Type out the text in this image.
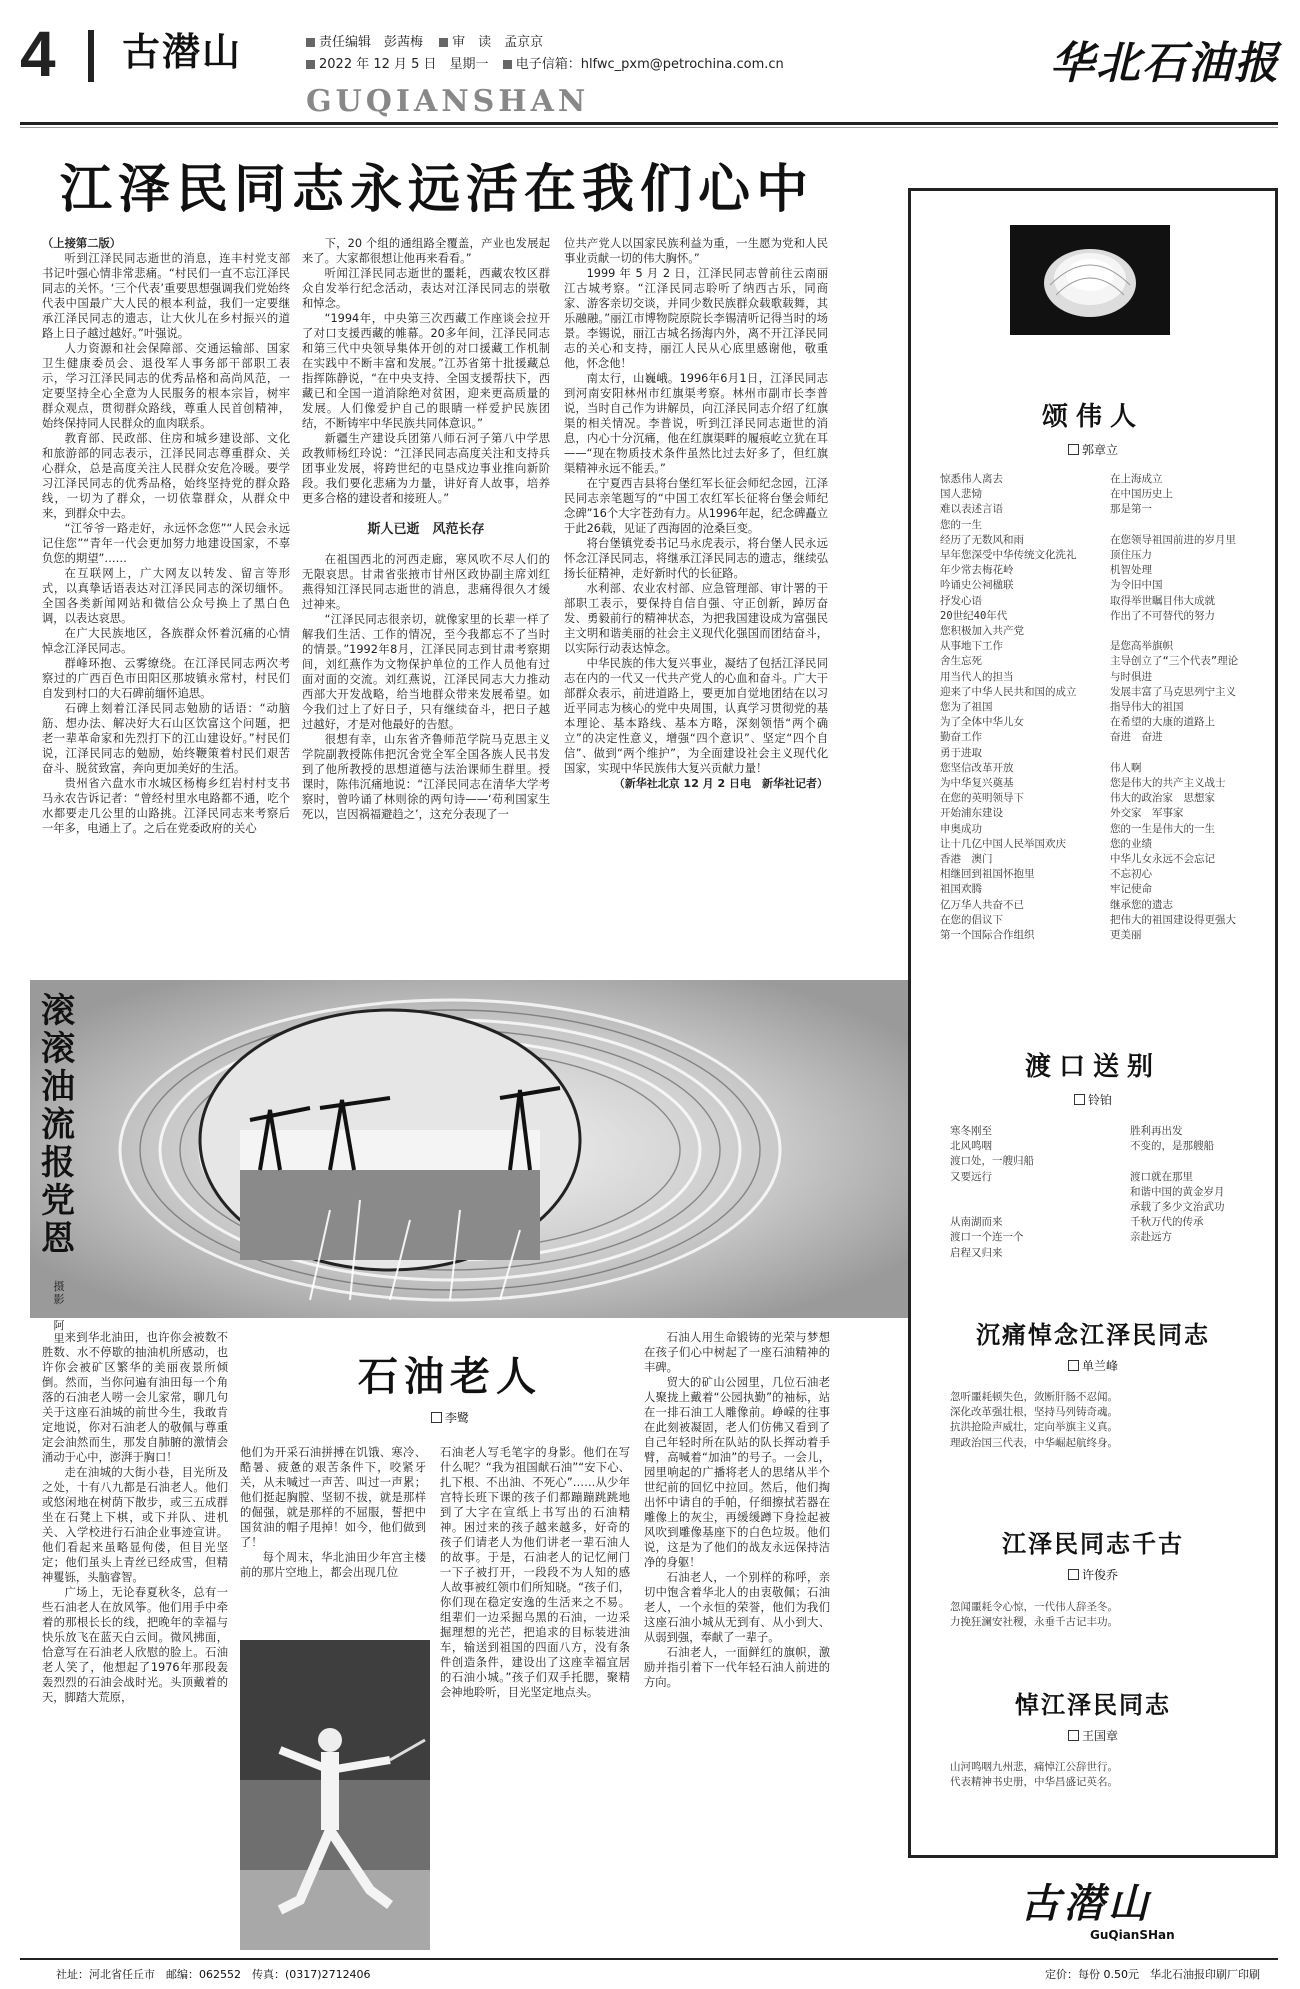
4 古潜山	责任编辑　彭茜梅 审　读　孟京京
2022 年 12 月 5 日　星期一 电子信箱：hlfwc_pxm@petrochina.com.cn
GUQIANSHAN
华北石油报
江泽民同志永远活在我们心中

（上接第二版）

听到江泽民同志逝世的消息，连丰村党支部书记叶强心情非常悲痛。“村民们一直不忘江泽民同志的关怀。‘三个代表’重要思想强调我们党始终代表中国最广大人民的根本利益，我们一定要继承江泽民同志的遗志，让大伙儿在乡村振兴的道路上日子越过越好。”叶强说。

人力资源和社会保障部、交通运输部、国家卫生健康委员会、退役军人事务部干部职工表示，学习江泽民同志的优秀品格和高尚风范，一定要坚持全心全意为人民服务的根本宗旨，树牢群众观点，贯彻群众路线，尊重人民首创精神，始终保持同人民群众的血肉联系。

教育部、民政部、住房和城乡建设部、文化和旅游部的同志表示，江泽民同志尊重群众、关心群众，总是高度关注人民群众安危冷暖。要学习江泽民同志的优秀品格，始终坚持党的群众路线，一切为了群众，一切依靠群众，从群众中来，到群众中去。

“江爷爷一路走好，永远怀念您”“人民会永远记住您”“青年一代会更加努力地建设国家，不辜负您的期望”……

在互联网上，广大网友以转发、留言等形式，以真挚话语表达对江泽民同志的深切缅怀。全国各类新闻网站和微信公众号换上了黑白色调，以表达哀思。

在广大民族地区，各族群众怀着沉痛的心情悼念江泽民同志。

群峰环抱、云雾缭绕。在江泽民同志两次考察过的广西百色市田阳区那坡镇永常村，村民们自发到村口的大石碑前缅怀追思。

石碑上刻着江泽民同志勉励的话语：“动脑筋、想办法、解决好大石山区饮富这个问题，把老一辈革命家和先烈打下的江山建设好。”村民们说，江泽民同志的勉励，始终鞭策着村民们艰苦奋斗、脱贫致富，奔向更加美好的生活。

贵州省六盘水市水城区杨梅乡红岩村村支书马永农告诉记者：“曾经村里水电路都不通，吃个水都要走几公里的山路挑。江泽民同志来考察后一年多，电通上了。之后在党委政府的关心

下，20 个组的通组路全覆盖，产业也发展起来了。大家都很想让他再来看看。”

听闻江泽民同志逝世的噩耗，西藏农牧区群众自发举行纪念活动，表达对江泽民同志的崇敬和悼念。

“1994年，中央第三次西藏工作座谈会拉开了对口支援西藏的帷幕。20多年间，江泽民同志和第三代中央领导集体开创的对口援藏工作机制在实践中不断丰富和发展。”江苏省第十批援藏总指挥陈静说，“在中央支持、全国支援帮扶下，西藏已和全国一道消除绝对贫困，迎来更高质量的发展。人们像爱护自己的眼睛一样爱护民族团结，不断铸牢中华民族共同体意识。”

新疆生产建设兵团第八师石河子第八中学思政教师杨红玲说：“江泽民同志高度关注和支持兵团事业发展，将跨世纪的屯垦戍边事业推向新阶段。我们要化悲痛为力量，讲好育人故事，培养更多合格的建设者和接班人。”

斯人已逝　风范长存

在祖国西北的河西走廊，寒风吹不尽人们的无限哀思。甘肃省张掖市甘州区政协副主席刘红燕得知江泽民同志逝世的消息，悲痛得很久才缓过神来。

“江泽民同志很亲切，就像家里的长辈一样了解我们生活、工作的情况，至今我都忘不了当时的情景。”1992年8月，江泽民同志到甘肃考察期间，刘红燕作为文物保护单位的工作人员他有过面对面的交流。刘红燕说，江泽民同志大力推动西部大开发战略，给当地群众带来发展希望。如今我们过上了好日子，只有继续奋斗，把日子越过越好，才是对他最好的告慰。

很想有幸，山东省齐鲁师范学院马克思主义学院副教授陈伟把沉舍党全军全国各族人民书发到了他所教授的思想道德与法治课师生群里。授课时，陈伟沉痛地说：“江泽民同志在清华大学考察时，曾吟诵了林则徐的两句诗——‘苟利国家生死以，岂因祸福避趋之’，这充分表现了一

位共产党人以国家民族利益为重，一生愿为党和人民事业贡献一切的伟大胸怀。”

1999 年 5 月 2 日，江泽民同志曾前往云南丽江古城考察。“江泽民同志聆听了纳西古乐，同商家、游客亲切交谈，并同少数民族群众载歌载舞，其乐融融。”丽江市博物院原院长李锡清听记得当时的场景。李锡说，丽江古城名扬海内外，离不开江泽民同志的关心和支持，丽江人民从心底里感谢他，敬重他，怀念他！

南太行，山巍峨。1996年6月1日，江泽民同志到河南安阳林州市红旗渠考察。林州市副市长李普说，当时自己作为讲解员，向江泽民同志介绍了红旗渠的相关情况。李普说，听到江泽民同志逝世的消息，内心十分沉痛，他在红旗渠畔的履痕屹立犹在耳——“现在物质技术条件虽然比过去好多了，但红旗渠精神永远不能丢。”

在宁夏西吉县将台堡红军长征会师纪念园，江泽民同志亲笔题写的“中国工农红军长征将台堡会师纪念碑”16个大字苍劲有力。从1996年起，纪念碑矗立于此26载，见证了西海固的沧桑巨变。

将台堡镇党委书记马永虎表示，将台堡人民永远怀念江泽民同志，将继承江泽民同志的遗志，继续弘扬长征精神，走好新时代的长征路。

水利部、农业农村部、应急管理部、审计署的干部职工表示，要保持自信自强、守正创新，踔厉奋发、勇毅前行的精神状态，为把我国建设成为富强民主文明和谐美丽的社会主义现代化强国而团结奋斗，以实际行动表达悼念。

中华民族的伟大复兴事业，凝结了包括江泽民同志在内的一代又一代共产党人的心血和奋斗。广大干部群众表示，前进道路上，要更加自觉地团结在以习近平同志为核心的党中央周围，认真学习贯彻党的基本理论、基本路线、基本方略，深刻领悟“两个确立”的决定性意义，增强“四个意识”、坚定“四个自信”、做到“两个维护”，为全面建设社会主义现代化国家，实现中华民族伟大复兴贡献力量！

（新华社北京 12 月 2 日电　新华社记者）
滚
滚
油
流
报
党
恩
摄
影

阿
里
石油老人
李鹭

来到华北油田，也许你会被数不胜数、水不停歇的抽油机所感动，也许你会被矿区繁华的美丽夜景所倾倒。然而，当你问遍有油田每一个角落的石油老人唠一会儿家常，聊几句关于这座石油城的前世今生，我敢肯定地说，你对石油老人的敬佩与尊重定会油然而生，那发自肺腑的激情会涌动于心中，澎湃于胸口！

走在油城的大街小巷，目光所及之处，十有八九都是石油老人。他们或悠闲地在树荫下散步，或三五成群坐在石凳上下棋，或下并队、进机关、入学校进行石油企业事迹宣讲。他们看起来虽略显佝偻，但目光坚定；他们虽头上青丝已经成雪，但精神矍铄，头脑睿智。

广场上，无论春夏秋冬，总有一些石油老人在放风筝。他们用手中牵着的那根长长的线，把晚年的幸福与快乐放飞在蓝天白云间。微风拂面，恰意写在石油老人欣慰的脸上。石油老人笑了，他想起了1976年那段轰轰烈烈的石油会战时光。头顶戴着的天，脚踏大荒原，

他们为开采石油拼搏在饥饿、寒冷、酷暑、疲惫的艰苦条件下，咬紧牙关，从未喊过一声苦、叫过一声累；他们挺起胸膛、坚韧不拔，就是那样的倔强，就是那样的不屈服，誓把中国贫油的帽子甩掉！如今，他们做到了！

每个周末，华北油田少年宫主楼前的那片空地上，都会出现几位

石油老人写毛笔字的身影。他们在写什么呢？“我为祖国献石油”“安下心、扎下根、不出油、不死心”……从少年宫特长班下课的孩子们都蹦蹦跳跳地到了大字在宣纸上书写出的石油精神。困过来的孩子越来越多，好奇的孩子们请老人为他们讲老一辈石油人的故事。于是，石油老人的记忆闸门一下子被打开，一段段不为人知的感人故事被红领巾们所知晓。“孩子们，你们现在稳定安逸的生活来之不易。组辈们一边采掘乌黑的石油，一边采掘理想的光芒，把追求的目标装进油车，输送到祖国的四面八方，没有条件创造条件，建设出了这座幸福宜居的石油小城。”孩子们双手托腮，聚精会神地聆听，目光坚定地点头。

石油人用生命锻铸的光荣与梦想在孩子们心中树起了一座石油精神的丰碑。

贸大的矿山公园里，几位石油老人聚拢上戴着“公园执勤”的袖标，站在一排石油工人雕像前。峥嵘的往事在此刻被凝固，老人们仿佛又看到了自己年轻时所在队站的队长挥动着手臂，高喊着“加油”的号子。一会儿，园里响起的广播将老人的思绪从半个世纪前的回忆中拉回。然后，他们掏出怀中请自的手帕，仔细擦拭若器在雕像上的灰尘，再缓缓蹲下身捡起被风吹到雕像基座下的白色垃圾。他们说，这是为了他们的战友永远保持洁净的身躯！

石油老人，一个别样的称呼，亲切中饱含着华北人的由衷敬佩；石油老人，一个永恒的荣誉，他们为我们这座石油小城从无到有、从小到大、从弱到强，奉献了一辈子。

石油老人，一面鲜红的旗帜，激励并指引着下一代年轻石油人前进的方向。

颂伟人
郭章立
惊悉伟人离去
国人悲恸
难以表述言语
您的一生
经历了无数风和雨
早年您深受中华传统文化洗礼
年少常去梅花岭
吟诵史公祠楹联
抒发心语
20世纪40年代
您积极加入共产党
从事地下工作
舍生忘死
用当代人的担当
迎来了中华人民共和国的成立
您为了祖国
为了全体中华儿女
勤奋工作
勇于进取
您坚信改革开放
为中华复兴奠基
在您的英明领导下
开始浦东建设
申奥成功
让十几亿中国人民举国欢庆
香港　澳门
相继回到祖国怀抱里
祖国欢腾
亿万华人共奋不已
在您的倡议下
第一个国际合作组织
在上海成立
在中国历史上
那是第一

在您领导祖国前进的岁月里
顶住压力
机智处理
为令旧中国
取得举世瞩目伟大成就
作出了不可替代的努力

是您高举旗帜
主导创立了“三个代表”理论
与时俱进
发展丰富了马克思列宁主义
指导伟大的祖国
在希望的大康的道路上
奋进　奋进

伟人啊
您是伟大的共产主义战士
伟大的政治家　思想家
外交家　军事家
您的一生是伟大的一生
您的业绩
中华儿女永远不会忘记
不忘初心
牢记使命
继承您的遗志
把伟大的祖国建设得更强大
更美丽
渡口送别
铃铂
寒冬刚至
北风鸣咽
渡口处，一艘归船
又要远行

从南湖而来
渡口一个连一个
启程又归来
胜利再出发
不变的，是那艘船

渡口就在那里
和谐中国的黄金岁月
承载了多少文治武功
千秋万代的传承
亲赴远方
沉痛悼念江泽民同志
单兰峰
忽听噩耗顿失色，敛断肝肠不忍闻。
深化改革强壮根，坚持马列铸奇魂。
抗洪抢险声威壮，定向举旗主义真。
理政治国三代表，中华崛起航终身。
江泽民同志千古
许俊乔
忽闻噩耗令心惊，一代伟人辞圣冬。
力挽狂澜安社稷，永垂千古记丰功。
悼江泽民同志
王国章
山河鸣咽九州悲，痛悼江公辞世行。
代表精神书史册，中华昌盛记英名。
古潜山
GuQianSHan
社址：河北省任丘市　邮编：062552　传真：(0317)2712406	定价：每份 0.50元　华北石油报印刷厂印刷
